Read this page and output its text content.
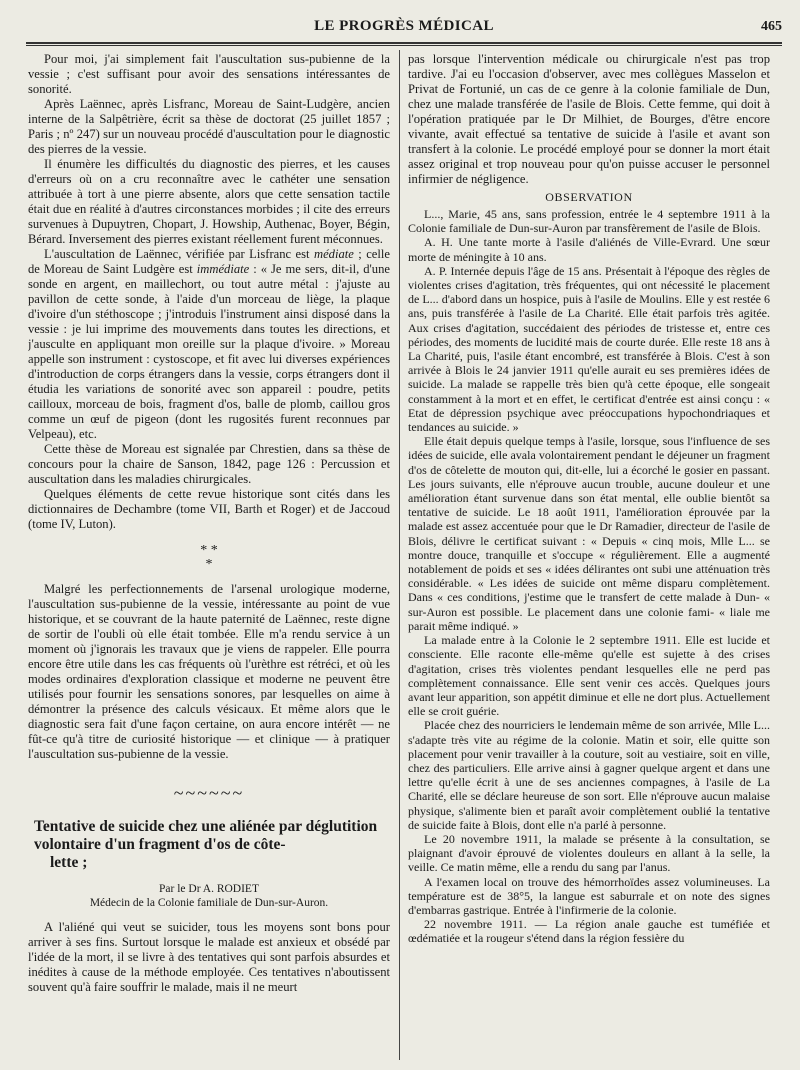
LE PROGRÈS MÉDICAL	465

Pour moi, j'ai simplement fait l'auscultation sus-pubienne de la vessie ; c'est suffisant pour avoir des sensations intéressantes de sonorité.

Après Laënnec, après Lisfranc, Moreau de Saint-Ludgère, ancien interne de la Salpêtrière, écrit sa thèse de doctorat (25 juillet 1857 ; Paris ; nº 247) sur un nouveau procédé d'auscultation pour le diagnostic des pierres de la vessie.

Il énumère les difficultés du diagnostic des pierres, et les causes d'erreurs où on a cru reconnaître avec le cathéter une sensation attribuée à tort à une pierre absente, alors que cette sensation tactile était due en réalité à d'autres circonstances morbides ; il cite des erreurs survenues à Dupuytren, Chopart, J. Howship, Authenac, Boyer, Bégin, Bérard. Inversement des pierres existant réellement furent méconnues.

L'auscultation de Laënnec, vérifiée par Lisfranc est médiate ; celle de Moreau de Saint Ludgère est immédiate : « Je me sers, dit-il, d'une sonde en argent, en maillechort, ou tout autre métal : j'ajuste au pavillon de cette sonde, à l'aide d'un morceau de liège, la plaque d'ivoire d'un stéthoscope ; j'introduis l'instrument ainsi disposé dans la vessie : je lui imprime des mouvements dans toutes les directions, et j'ausculte en appliquant mon oreille sur la plaque d'ivoire. » Moreau appelle son instrument : cystoscope, et fit avec lui diverses expériences d'introduction de corps étrangers dans la vessie, corps étrangers dont il étudia les variations de sonorité avec son appareil : poudre, petits cailloux, morceau de bois, fragment d'os, balle de plomb, caillou gros comme un œuf de pigeon (dont les rugosités furent reconnues par Velpeau), etc.

Cette thèse de Moreau est signalée par Chrestien, dans sa thèse de concours pour la chaire de Sanson, 1842, page 126 : Percussion et auscultation dans les maladies chirurgicales.

Quelques éléments de cette revue historique sont cités dans les dictionnaires de Dechambre (tome VII, Barth et Roger) et de Jaccoud (tome IV, Luton).

* *
*

Malgré les perfectionnements de l'arsenal urologique moderne, l'auscultation sus-pubienne de la vessie, intéressante au point de vue historique, et se couvrant de la haute paternité de Laënnec, reste digne de sortir de l'oubli où elle était tombée. Elle m'a rendu service à un moment où j'ignorais les travaux que je viens de rappeler. Elle pourra encore être utile dans les cas fréquents où l'urèthre est rétréci, et où les modes ordinaires d'exploration classique et moderne ne peuvent être utilisés pour fournir les sensations sonores, par lesquelles on aime à démontrer la présence des calculs vésicaux. Et même alors que le diagnostic sera fait d'une façon certaine, on aura encore intérêt — ne fût-ce qu'à titre de curiosité historique — et clinique — à pratiquer l'auscultation sus-pubienne de la vessie.

~~~~~~
Tentative de suicide chez une aliénée par déglutition volontaire d'un fragment d'os de côte-
lette ;

Par le Dr A. RODIET

Médecin de la Colonie familiale de Dun-sur-Auron.

A l'aliéné qui veut se suicider, tous les moyens sont bons pour arriver à ses fins. Surtout lorsque le malade est anxieux et obsédé par l'idée de la mort, il se livre à des tentatives qui sont parfois absurdes et inédites à cause de la méthode employée. Ces tentatives n'aboutissent souvent qu'à faire souffrir le malade, mais il ne meurt

pas lorsque l'intervention médicale ou chirurgicale n'est pas trop tardive. J'ai eu l'occasion d'observer, avec mes collègues Masselon et Privat de Fortunié, un cas de ce genre à la colonie familiale de Dun, chez une malade transférée de l'asile de Blois. Cette femme, qui doit à l'opération pratiquée par le Dr Milhiet, de Bourges, d'être encore vivante, avait effectué sa tentative de suicide à l'asile et avant son transfert à la colonie. Le procédé employé pour se donner la mort était assez original et trop nouveau pour qu'on puisse accuser le personnel infirmier de négligence.

OBSERVATION

L..., Marie, 45 ans, sans profession, entrée le 4 septembre 1911 à la Colonie familiale de Dun-sur-Auron par transfèrement de l'asile de Blois.

A. H. Une tante morte à l'asile d'aliénés de Ville-Evrard. Une sœur morte de méningite à 10 ans.

A. P. Internée depuis l'âge de 15 ans. Présentait à l'époque des règles de violentes crises d'agitation, très fréquentes, qui ont nécessité le placement de L... d'abord dans un hospice, puis à l'asile de Moulins. Elle y est restée 6 ans, puis transférée à l'asile de La Charité. Elle était parfois très agitée. Aux crises d'agitation, succédaient des périodes de tristesse et, entre ces périodes, des moments de lucidité mais de courte durée. Elle reste 18 ans à La Charité, puis, l'asile étant encombré, est transférée à Blois. C'est à son arrivée à Blois le 24 janvier 1911 qu'elle aurait eu ses premières idées de suicide. La malade se rappelle très bien qu'à cette époque, elle songeait constamment à la mort et en effet, le certificat d'entrée est ainsi conçu : « Etat de dépression psychique avec préoccupations hypochondriaques et tendances au suicide. »

Elle était depuis quelque temps à l'asile, lorsque, sous l'influence de ses idées de suicide, elle avala volontairement pendant le déjeuner un fragment d'os de côtelette de mouton qui, dit-elle, lui a écorché le gosier en passant. Les jours suivants, elle n'éprouve aucun trouble, aucune douleur et une amélioration étant survenue dans son état mental, elle oublie bientôt sa tentative de suicide. Le 18 août 1911, l'amélioration éprouvée par la malade est assez accentuée pour que le Dr Ramadier, directeur de l'asile de Blois, délivre le certificat suivant : « Depuis « cinq mois, Mlle L... se montre douce, tranquille et s'occupe « régulièrement. Elle a augmenté notablement de poids et ses « idées délirantes ont subi une atténuation très considérable. « Les idées de suicide ont même disparu complètement. Dans « ces conditions, j'estime que le transfert de cette malade à Dun- « sur-Auron est possible. Le placement dans une colonie fami- « liale me parait même indiqué. »

La malade entre à la Colonie le 2 septembre 1911. Elle est lucide et consciente. Elle raconte elle-même qu'elle est sujette à des crises d'agitation, crises très violentes pendant lesquelles elle ne perd pas complètement connaissance. Elle sent venir ces accès. Quelques jours avant leur apparition, son appétit diminue et elle ne dort plus. Actuellement elle se croit guérie.

Placée chez des nourriciers le lendemain même de son arrivée, Mlle L... s'adapte très vite au régime de la colonie. Matin et soir, elle quitte son placement pour venir travailler à la couture, soit au vestiaire, soit en ville, chez des particuliers. Elle arrive ainsi à gagner quelque argent et dans une lettre qu'elle écrit à une de ses anciennes compagnes, à l'asile de La Charité, elle se déclare heureuse de son sort. Elle n'éprouve aucun malaise physique, s'alimente bien et paraît avoir complètement oublié la tentative de suicide faite à Blois, dont elle n'a parlé à personne.

Le 20 novembre 1911, la malade se présente à la consultation, se plaignant d'avoir éprouvé de violentes douleurs en allant à la selle, la veille. Ce matin même, elle a rendu du sang par l'anus.

A l'examen local on trouve des hémorrhoïdes assez volumineuses. La température est de 38°5, la langue est saburrale et on note des signes d'embarras gastrique. Entrée à l'infirmerie de la colonie.

22 novembre 1911. — La région anale gauche est tuméfiée et œdématiée et la rougeur s'étend dans la région fessière du
